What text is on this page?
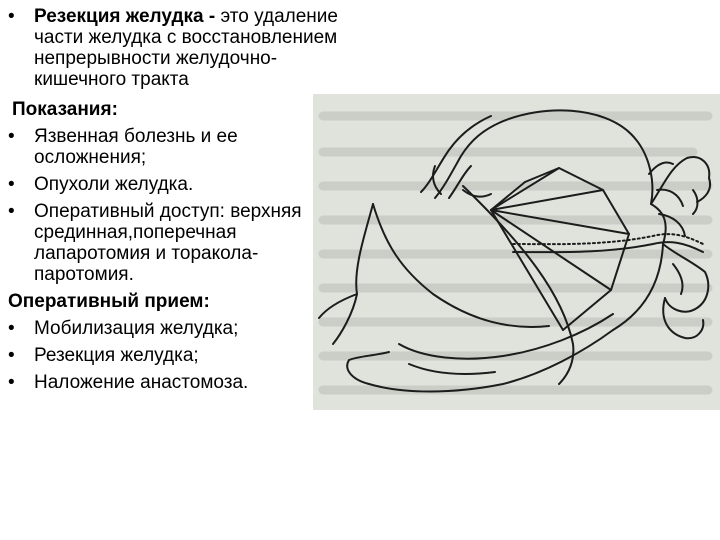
• Резекция желудка - это удаление части желудка с восстановлением непрерывности желудочно-кишечного тракта
Показания:
• Язвенная болезнь и ее осложнения;
• Опухоли желудка.
• Оперативный доступ: верхняя срединная,поперечная лапаротомия и тораколапаротомия.
Оперативный прием:
• Мобилизация желудка;
• Резекция желудка;
• Наложение анастомоза.
